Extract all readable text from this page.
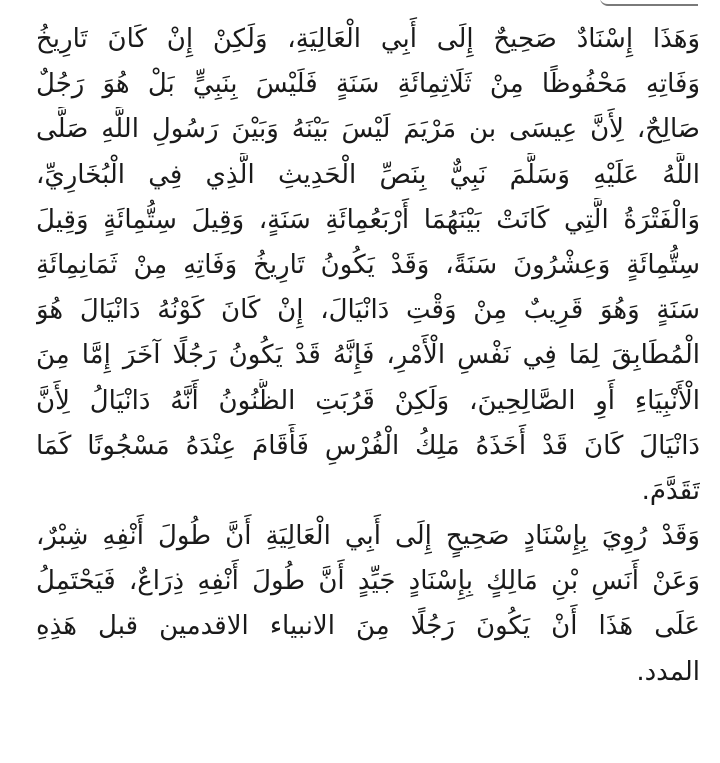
وَهَذَا إِسْنَادٌ صَحِيحٌ إِلَى أَبِي الْعَالِيَةِ، وَلَكِنْ إِنْ كَانَ تَارِيخُ
وَفَاتِهِ مَحْفُوظًا مِنْ ثَلَاثِمِائَةِ سَنَةٍ فَلَيْسَ بِنَبِيٍّ بَلْ هُوَ رَجُلٌ
صَالِحٌ، لِأَنَّ عِيسَى بن مَرْيَمَ لَيْسَ بَيْنَهُ وَبَيْنَ رَسُولِ اللَّهِ صَلَّى
اللَّهُ عَلَيْهِ وَسَلَّمَ نَبِيٌّ بِنَصِّ الْحَدِيثِ الَّذِي فِي الْبُخَارِيِّ،
وَالْفَتْرَةُ الَّتِي كَانَتْ بَيْنَهُمَا أَرْبَعُمِائَةِ سَنَةٍ، وَقِيلَ سِتُّمِائَةٍ وَقِيلَ
سِتُّمِائَةٍ وَعِشْرُونَ سَنَةً، وَقَدْ يَكُونُ تَارِيخُ وَفَاتِهِ مِنْ ثَمَانِمِائَةِ
سَنَةٍ وَهُوَ قَرِيبٌ مِنْ وَقْتِ دَانْيَالَ، إِنْ كَانَ كَوْنُهُ دَانْيَالَ هُوَ
الْمُطَابِقَ لِمَا فِي نَفْسِ الْأَمْرِ، فَإِنَّهُ قَدْ يَكُونُ رَجُلًا آخَرَ إِمَّا مِنَ
الْأَنْبِيَاءِ أَوِ الصَّالِحِينَ، وَلَكِنْ قَرُبَتِ الظُّنُونُ أَنَّهُ دَانْيَالُ لِأَنَّ
دَانْيَالَ كَانَ قَدْ أَخَذَهُ مَلِكُ الْفُرْسِ فَأَقَامَ عِنْدَهُ مَسْجُونًا كَمَا
تَقَدَّمَ.
وَقَدْ رُوِيَ بِإِسْنَادٍ صَحِيحٍ إِلَى أَبِي الْعَالِيَةِ أَنَّ طُولَ أَنْفِهِ شِبْرٌ،
وَعَنْ أَنَسِ بْنِ مَالِكٍ بِإِسْنَادٍ جَيِّدٍ أَنَّ طُولَ أَنْفِهِ ذِرَاعٌ، فَيَحْتَمِلُ
عَلَى هَذَا أَنْ يَكُونَ رَجُلًا مِنَ الانبياء الاقدمين قبل هَذِهِ
المدد.
